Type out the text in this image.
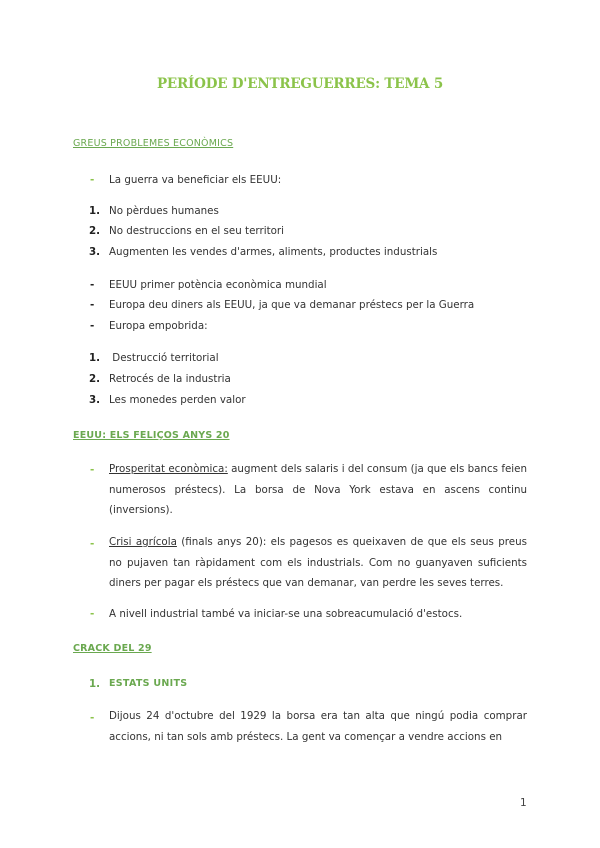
PERÍODE D'ENTREGUERRES: TEMA 5
GREUS PROBLEMES ECONÒMICS
- La guerra va beneficiar els EEUU:
1. No pèrdues humanes
2. No destruccions en el seu territori
3. Augmenten les vendes d'armes, aliments, productes industrials
- EEUU primer potència econòmica mundial
- Europa deu diners als EEUU, ja que va demanar préstecs per la Guerra
- Europa empobrida:
1. Destrucció territorial
2. Retrocés de la industria
3. Les monedes perden valor
EEUU: ELS FELIÇOS ANYS 20
- Prosperitat econòmica: augment dels salaris i del consum (ja que els bancs feien numerosos préstecs). La borsa de Nova York estava en ascens continu (inversions).
- Crisi agrícola (finals anys 20): els pagesos es queixaven de que els seus preus no pujaven tan ràpidament com els industrials. Com no guanyaven suficients diners per pagar els préstecs que van demanar, van perdre les seves terres.
- A nivell industrial també va iniciar-se una sobreacumulació d'estocs.
CRACK DEL 29
1. ESTATS UNITS
- Dijous 24 d'octubre del 1929 la borsa era tan alta que ningú podia comprar accions, ni tan sols amb préstecs. La gent va començar a vendre accions en
1
